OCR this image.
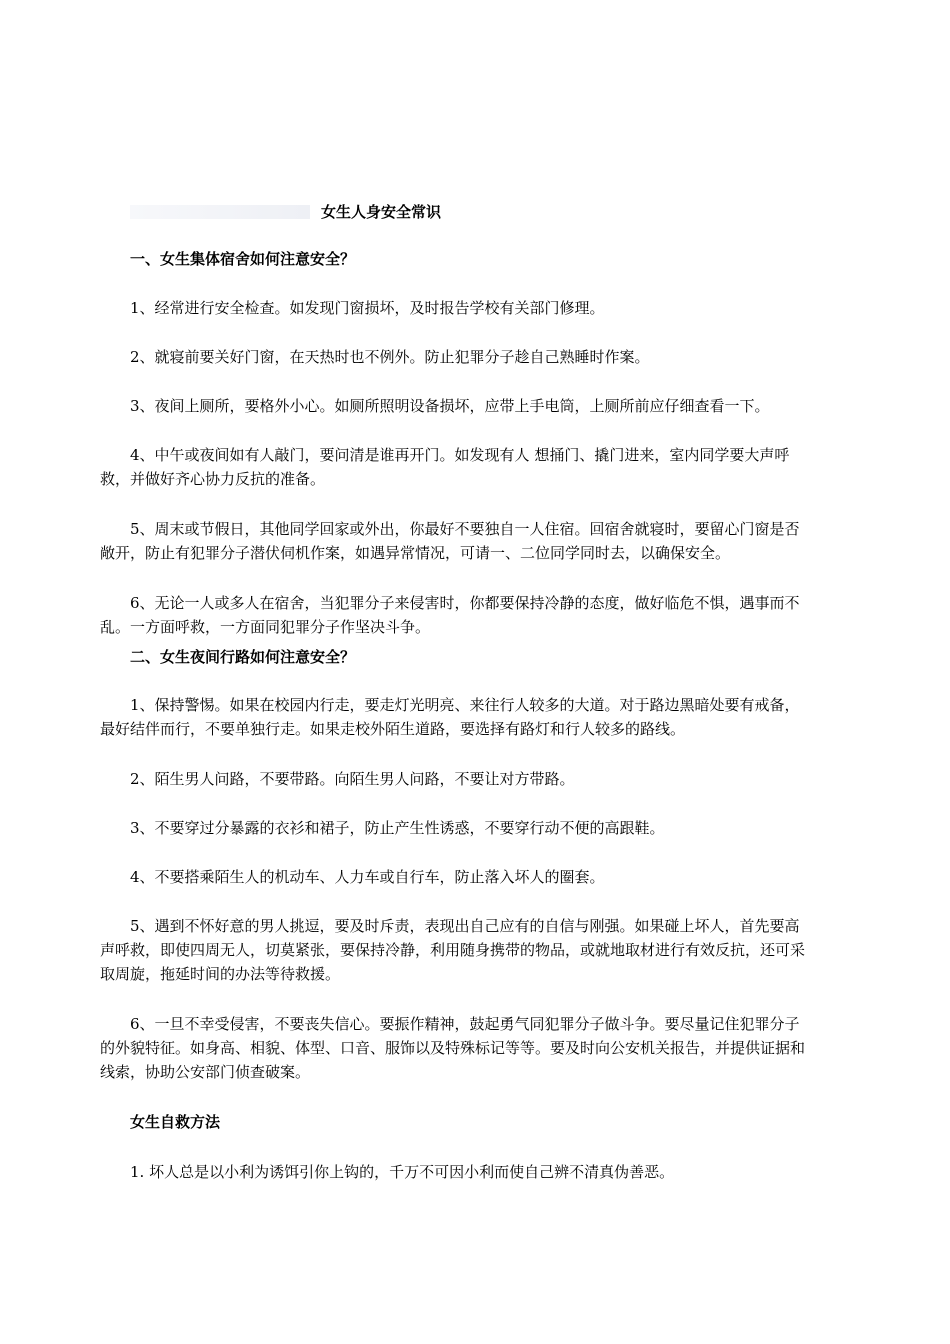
女生人身安全常识
一、女生集体宿舍如何注意安全？

1、经常进行安全检查。如发现门窗损坏，及时报告学校有关部门修理。

2、就寝前要关好门窗，在天热时也不例外。防止犯罪分子趁自己熟睡时作案。

3、夜间上厕所，要格外小心。如厕所照明设备损坏，应带上手电筒，上厕所前应仔细查看一下。

4、中午或夜间如有人敲门，要问清是谁再开门。如发现有人 想捅门、撬门进来，室内同学要大声呼救，并做好齐心协力反抗的准备。

5、周末或节假日，其他同学回家或外出，你最好不要独自一人住宿。回宿舍就寝时，要留心门窗是否敞开，防止有犯罪分子潜伏伺机作案，如遇异常情况，可请一、二位同学同时去，以确保安全。

6、无论一人或多人在宿舍，当犯罪分子来侵害时，你都要保持冷静的态度，做好临危不惧，遇事而不乱。一方面呼救，一方面同犯罪分子作坚决斗争。

二、女生夜间行路如何注意安全？

1、保持警惕。如果在校园内行走，要走灯光明亮、来往行人较多的大道。对于路边黑暗处要有戒备，最好结伴而行，不要单独行走。如果走校外陌生道路，要选择有路灯和行人较多的路线。

2、陌生男人问路，不要带路。向陌生男人问路，不要让对方带路。

3、不要穿过分暴露的衣衫和裙子，防止产生性诱惑，不要穿行动不便的高跟鞋。

4、不要搭乘陌生人的机动车、人力车或自行车，防止落入坏人的圈套。

5、遇到不怀好意的男人挑逗，要及时斥责，表现出自己应有的自信与刚强。如果碰上坏人，首先要高声呼救，即使四周无人，切莫紧张，要保持冷静，利用随身携带的物品，或就地取材进行有效反抗，还可采取周旋，拖延时间的办法等待救援。

6、一旦不幸受侵害，不要丧失信心。要振作精神，鼓起勇气同犯罪分子做斗争。要尽量记住犯罪分子的外貌特征。如身高、相貌、体型、口音、服饰以及特殊标记等等。要及时向公安机关报告，并提供证据和线索，协助公安部门侦查破案。

女生自救方法

1. 坏人总是以小利为诱饵引你上钩的，千万不可因小利而使自己辨不清真伪善恶。
